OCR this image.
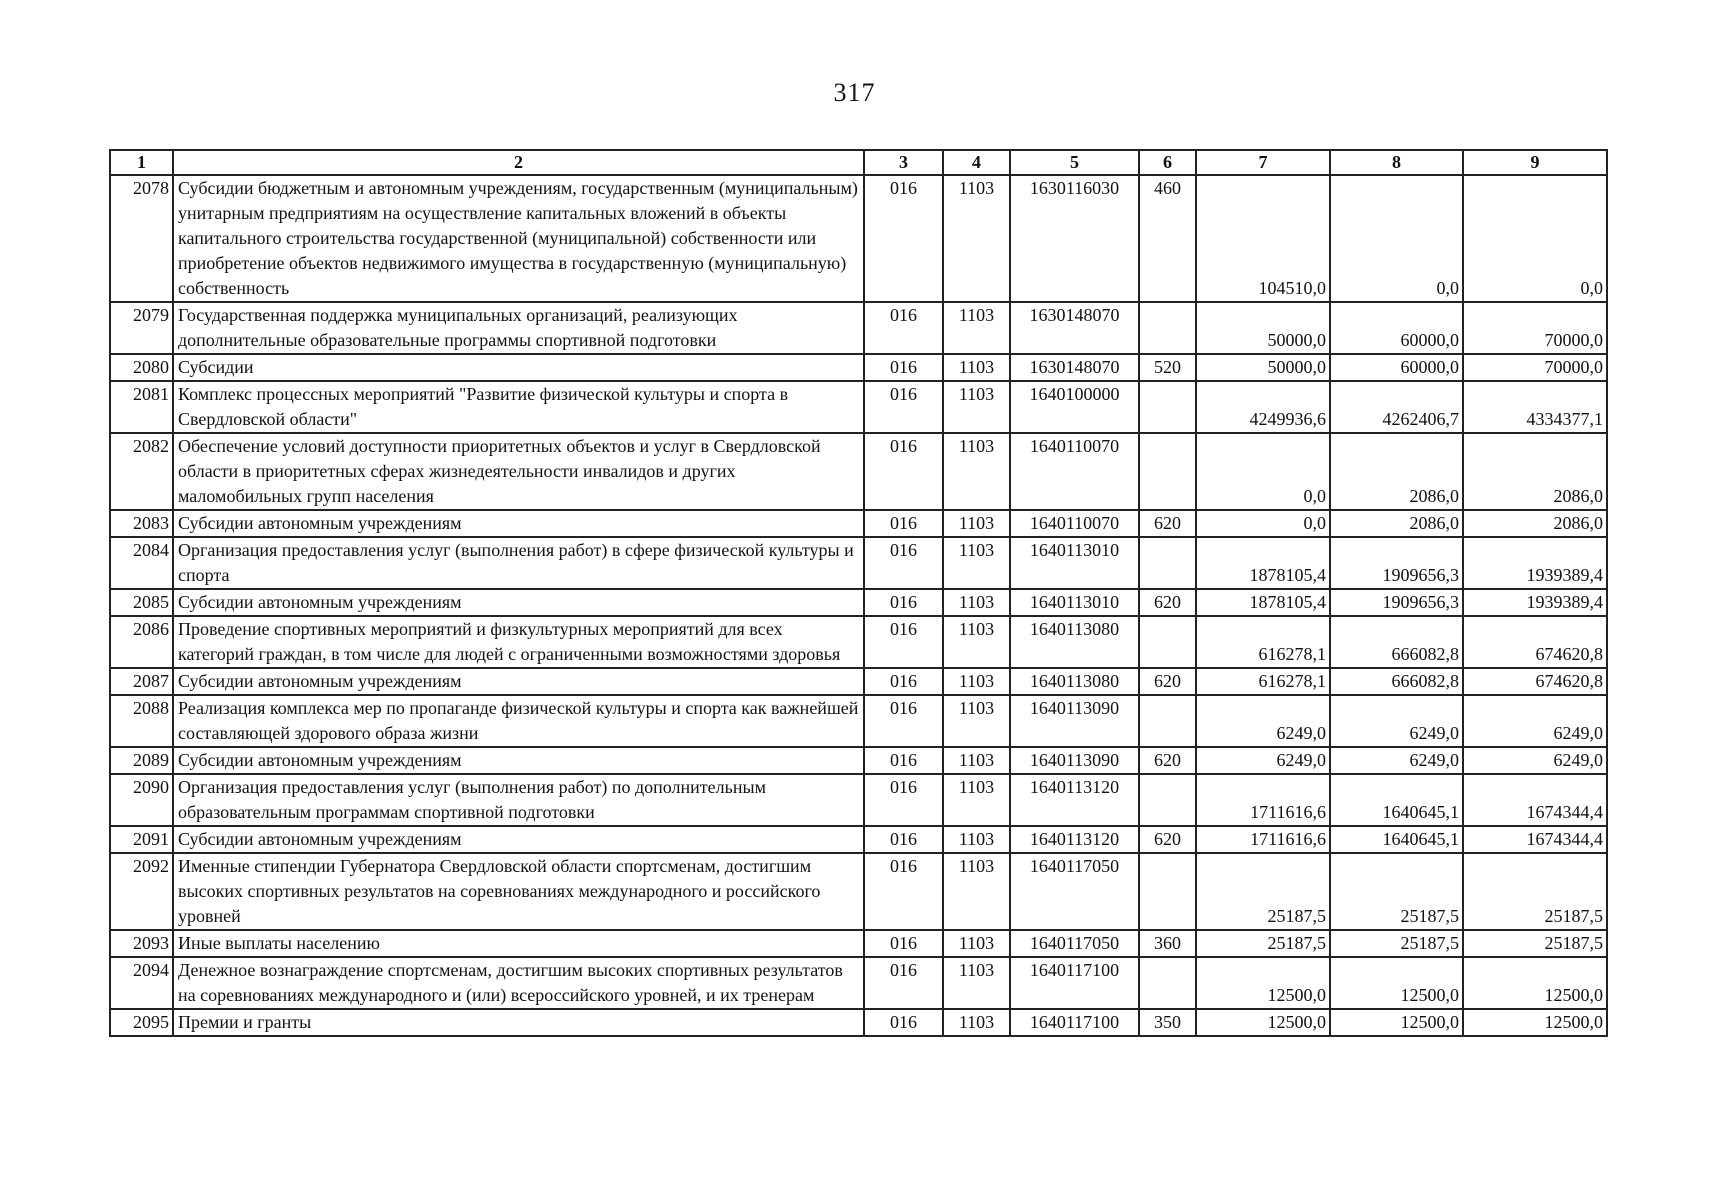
317
1	2	3	4	5	6	7	8	9
2078	Субсидии бюджетным и автономным учреждениям, государственным (муниципальным) унитарным предприятиям на осуществление капитальных вложений в объекты капитального строительства государственной (муниципальной) собственности или приобретение объектов недвижимого имущества в государственную (муниципальную) собственность	016	1103	1630116030	460	104510,0	0,0	0,0
2079	Государственная поддержка муниципальных организаций, реализующих дополнительные образовательные программы спортивной подготовки	016	1103	1630148070		50000,0	60000,0	70000,0
2080	Субсидии	016	1103	1630148070	520	50000,0	60000,0	70000,0
2081	Комплекс процессных мероприятий "Развитие физической культуры и спорта в Свердловской области"	016	1103	1640100000		4249936,6	4262406,7	4334377,1
2082	Обеспечение условий доступности приоритетных объектов и услуг в Свердловской области в приоритетных сферах жизнедеятельности инвалидов и других маломобильных групп населения	016	1103	1640110070		0,0	2086,0	2086,0
2083	Субсидии автономным учреждениям	016	1103	1640110070	620	0,0	2086,0	2086,0
2084	Организация предоставления услуг (выполнения работ) в сфере физической культуры и спорта	016	1103	1640113010		1878105,4	1909656,3	1939389,4
2085	Субсидии автономным учреждениям	016	1103	1640113010	620	1878105,4	1909656,3	1939389,4
2086	Проведение спортивных мероприятий и физкультурных мероприятий для всех категорий граждан, в том числе для людей с ограниченными возможностями здоровья	016	1103	1640113080		616278,1	666082,8	674620,8
2087	Субсидии автономным учреждениям	016	1103	1640113080	620	616278,1	666082,8	674620,8
2088	Реализация комплекса мер по пропаганде физической культуры и спорта как важнейшей составляющей здорового образа жизни	016	1103	1640113090		6249,0	6249,0	6249,0
2089	Субсидии автономным учреждениям	016	1103	1640113090	620	6249,0	6249,0	6249,0
2090	Организация предоставления услуг (выполнения работ) по дополнительным образовательным программам спортивной подготовки	016	1103	1640113120		1711616,6	1640645,1	1674344,4
2091	Субсидии автономным учреждениям	016	1103	1640113120	620	1711616,6	1640645,1	1674344,4
2092	Именные стипендии Губернатора Свердловской области спортсменам, достигшим высоких спортивных результатов на соревнованиях международного и российского уровней	016	1103	1640117050		25187,5	25187,5	25187,5
2093	Иные выплаты населению	016	1103	1640117050	360	25187,5	25187,5	25187,5
2094	Денежное вознаграждение спортсменам, достигшим высоких спортивных результатов на соревнованиях международного и (или) всероссийского уровней, и их тренерам	016	1103	1640117100		12500,0	12500,0	12500,0
2095	Премии и гранты	016	1103	1640117100	350	12500,0	12500,0	12500,0
